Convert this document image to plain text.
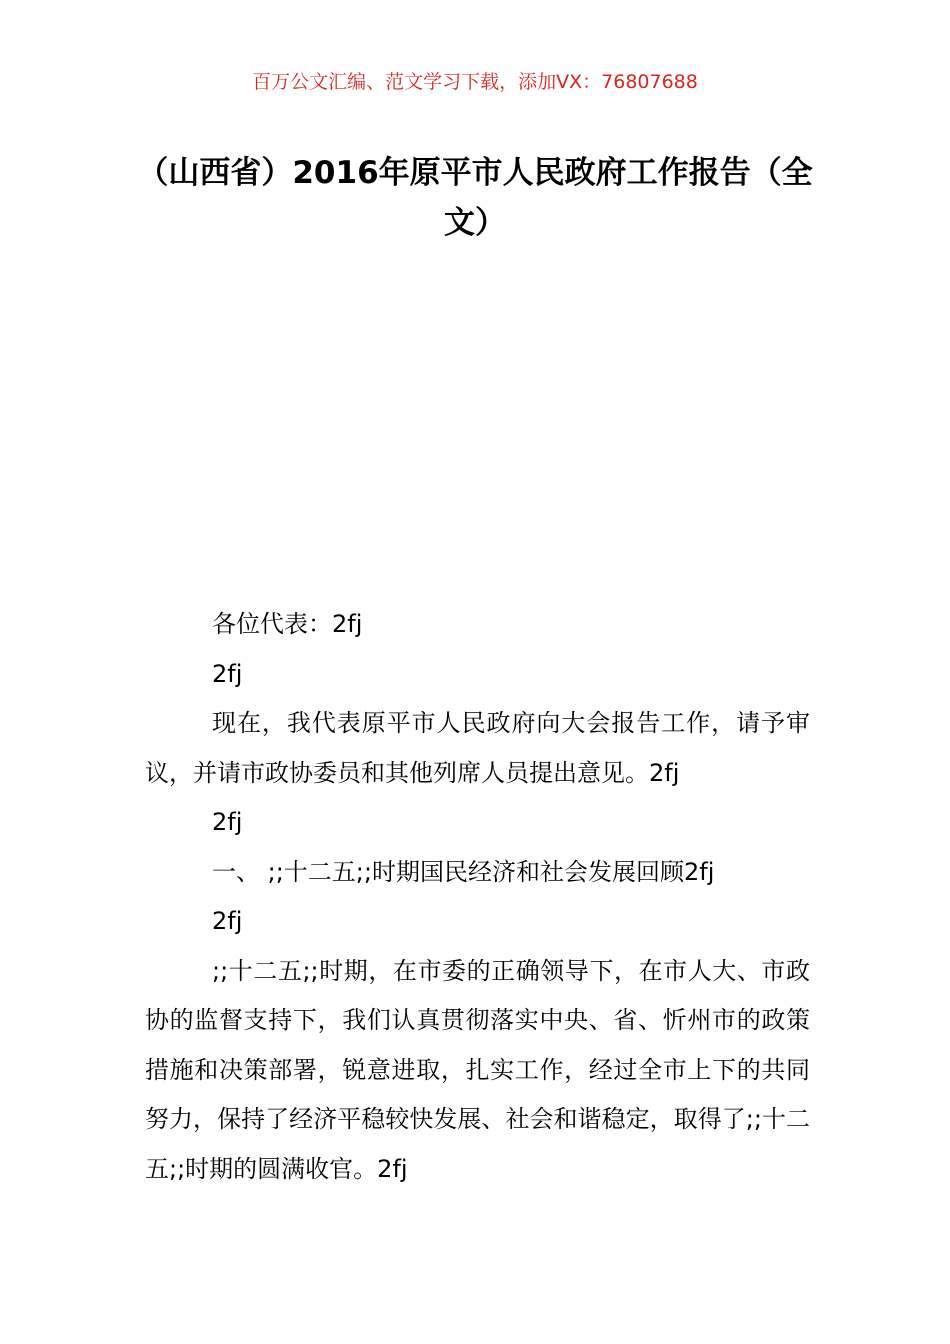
百万公文汇编、范文学习下载，添加VX：76807688
（山西省）2016年原平市人民政府工作报告（全文）

各位代表：2fj

2fj

现在，我代表原平市人民政府向大会报告工作，请予审议，并请市政协委员和其他列席人员提出意见。2fj

2fj

一、 ;;十二五;;时期国民经济和社会发展回顾2fj

2fj

;;十二五;;时期，在市委的正确领导下，在市人大、市政协的监督支持下，我们认真贯彻落实中央、省、忻州市的政策措施和决策部署，锐意进取，扎实工作，经过全市上下的共同努力，保持了经济平稳较快发展、社会和谐稳定，取得了;;十二五;;时期的圆满收官。2fj
